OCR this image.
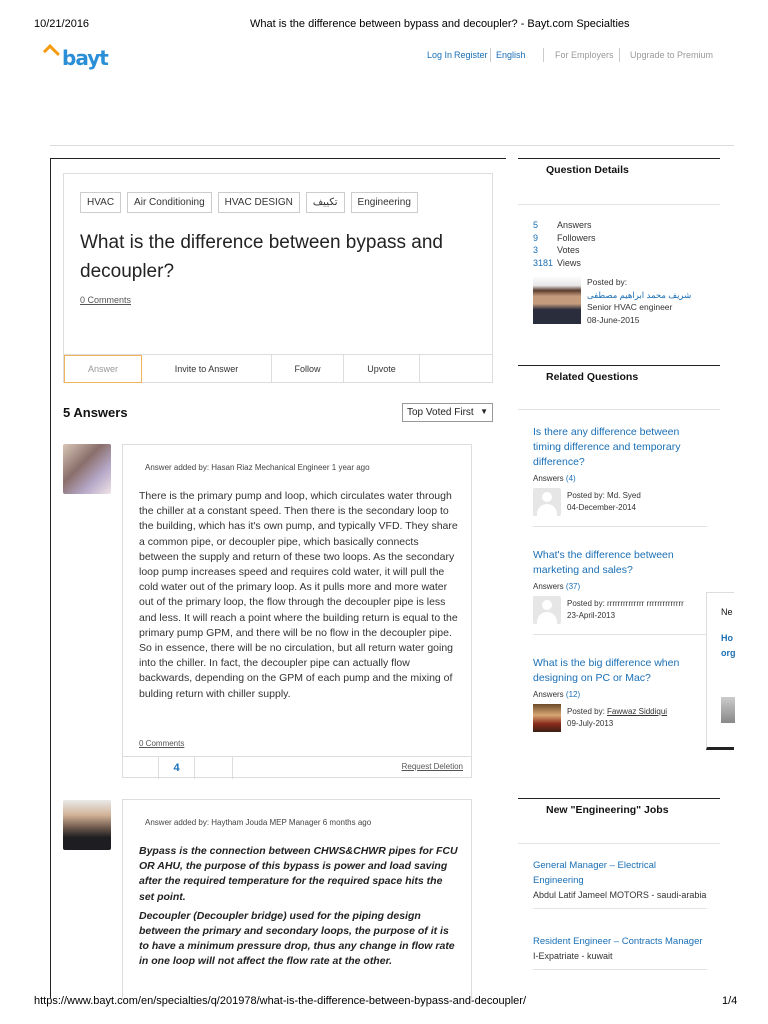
10/21/2016	What is the difference between bypass and decoupler? - Bayt.com Specialties
bayt	Log In Register English	For Employers Upgrade to Premium
HVAC	Air Conditioning	HVAC DESIGN	تكييف	Engineering
What is the difference between bypass and decoupler?
0 Comments
Answer	Invite to Answer	Follow	Upvote
5 Answers	Top Voted First ▼
Answer added by: Hasan Riaz Mechanical Engineer 1 year ago
There is the primary pump and loop, which circulates water through the chiller at a constant speed. Then there is the secondary loop to the building, which has it's own pump, and typically VFD. They share a common pipe, or decoupler pipe, which basically connects between the supply and return of these two loops. As the secondary loop pump increases speed and requires cold water, it will pull the cold water out of the primary loop. As it pulls more and more water out of the primary loop, the flow through the decoupler pipe is less and less. It will reach a point where the building return is equal to the primary pump GPM, and there will be no flow in the decoupler pipe. So in essence, there will be no circulation, but all return water going into the chiller. In fact, the decoupler pipe can actually flow backwards, depending on the GPM of each pump and the mixing of bulding return with chiller supply.
0 Comments
4	Request Deletion
Answer added by: Haytham Jouda MEP Manager 6 months ago

Bypass is the connection between CHWS&CHWR pipes for FCU OR AHU, the purpose of this bypass is power and load saving after the required temperature for the required space hits the set point.

Decoupler (Decoupler bridge) used for the piping design between the primary and secondary loops, the purpose of it is to have a minimum pressure drop, thus any change in flow rate in one loop will not affect the flow rate at the other.

Question Details
5	Answers
9	Followers
3	Votes
3181 Views
Posted by:
شريف محمد ابراهيم مصطفى
Senior HVAC engineer
08-June-2015
Related Questions
Is there any difference between timing difference and temporary difference?
Answers (4)
Posted by: Md. Syed
04-December-2014
What's the difference between marketing and sales?
Answers (37)
Posted by: rrrrrrrrrrrrrr rrrrrrrrrrrrrr
23-April-2013
What is the big difference when designing on PC or Mac?
Answers (12)
Posted by: Fawwaz Siddiqui
09-July-2013
Ne
Ho org
New "Engineering" Jobs
General Manager – Electrical Engineering
Abdul Latif Jameel MOTORS - saudi-arabia
Resident Engineer – Contracts Manager
I-Expatriate - kuwait
https://www.bayt.com/en/specialties/q/201978/what-is-the-difference-between-bypass-and-decoupler/	1/4
